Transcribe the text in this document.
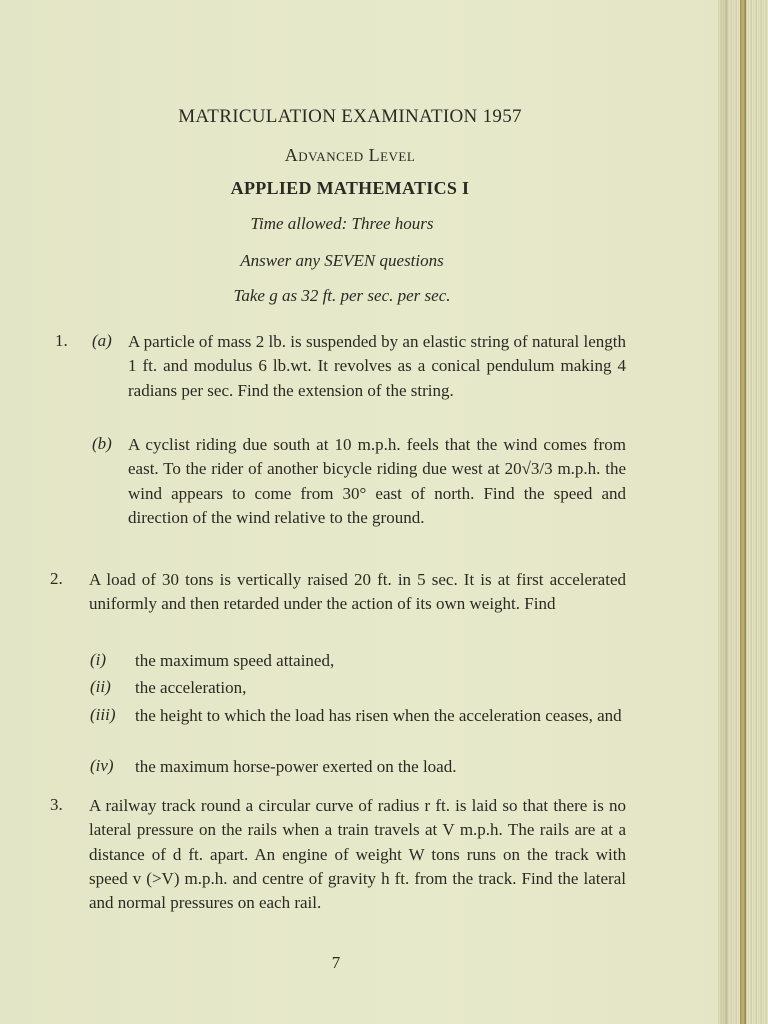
MATRICULATION EXAMINATION 1957
Advanced Level
APPLIED MATHEMATICS I
Time allowed: Three hours
Answer any SEVEN questions
Take g as 32 ft. per sec. per sec.
1. (a) A particle of mass 2 lb. is suspended by an elastic string of natural length 1 ft. and modulus 6 lb.wt. It revolves as a conical pendulum making 4 radians per sec. Find the extension of the string.
(b) A cyclist riding due south at 10 m.p.h. feels that the wind comes from east. To the rider of another bicycle riding due west at 20√3/3 m.p.h. the wind appears to come from 30° east of north. Find the speed and direction of the wind relative to the ground.
2. A load of 30 tons is vertically raised 20 ft. in 5 sec. It is at first accelerated uniformly and then retarded under the action of its own weight. Find
(i) the maximum speed attained,
(ii) the acceleration,
(iii) the height to which the load has risen when the acceleration ceases, and
(iv) the maximum horse-power exerted on the load.
3. A railway track round a circular curve of radius r ft. is laid so that there is no lateral pressure on the rails when a train travels at V m.p.h. The rails are at a distance of d ft. apart. An engine of weight W tons runs on the track with speed v (>V) m.p.h. and centre of gravity h ft. from the track. Find the lateral and normal pressures on each rail.
7
